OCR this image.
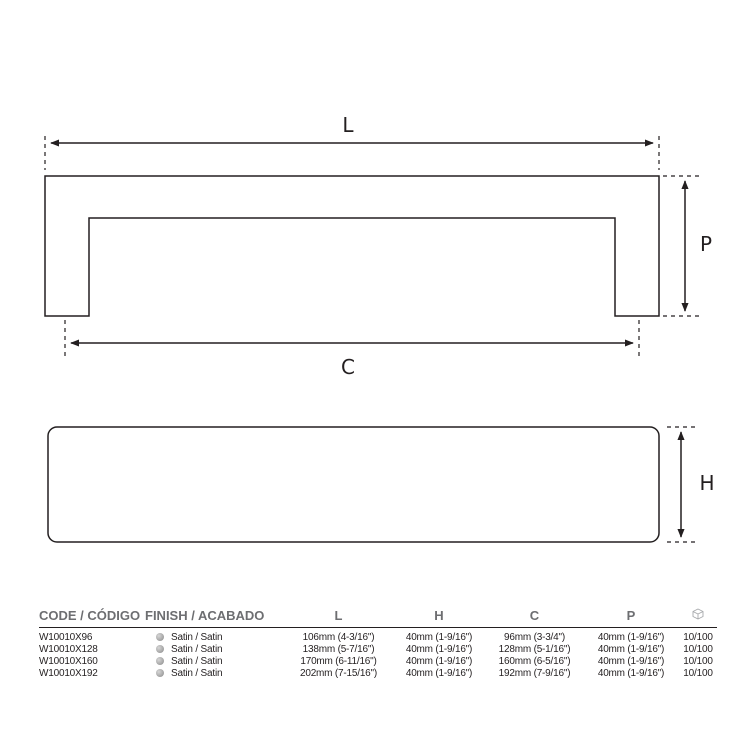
L
C
P
H
CODE / CÓDIGO	FINISH / ACABADO	L	H	C	P	
W10010X96	Satin / Satin	106mm (4-3/16")	40mm (1-9/16")	96mm (3-3/4")	40mm (1-9/16")	10/100
W10010X128	Satin / Satin	138mm (5-7/16")	40mm (1-9/16")	128mm (5-1/16")	40mm (1-9/16")	10/100
W10010X160	Satin / Satin	170mm (6-11/16")	40mm (1-9/16")	160mm (6-5/16")	40mm (1-9/16")	10/100
W10010X192	Satin / Satin	202mm (7-15/16")	40mm (1-9/16")	192mm (7-9/16")	40mm (1-9/16")	10/100
